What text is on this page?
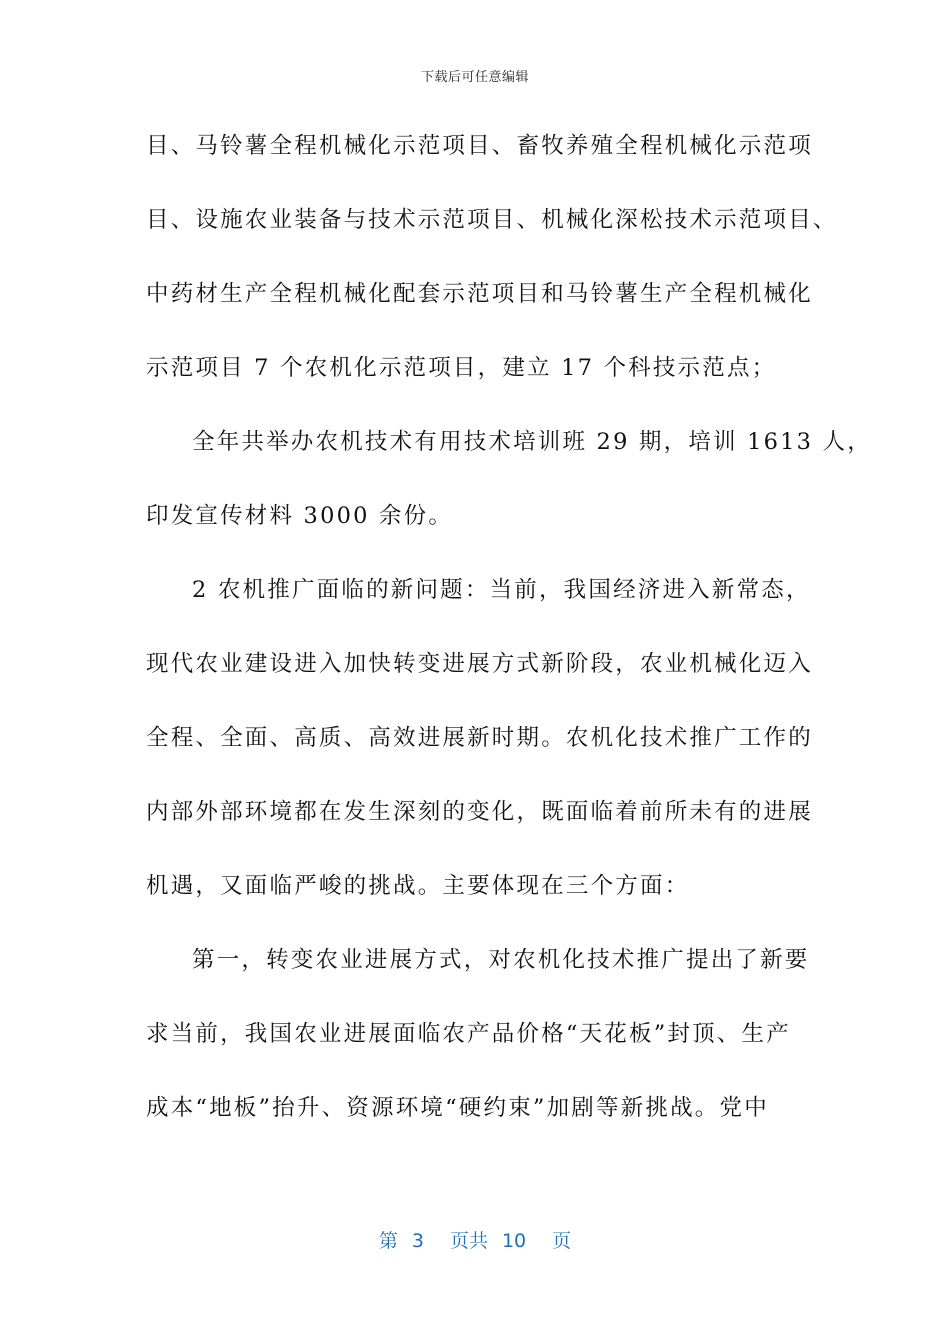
下载后可任意编辑
目、马铃薯全程机械化示范项目、畜牧养殖全程机械化示范项
目、设施农业装备与技术示范项目、机械化深松技术示范项目、
中药材生产全程机械化配套示范项目和马铃薯生产全程机械化
示范项目 7 个农机化示范项目，建立 17 个科技示范点；
全年共举办农机技术有用技术培训班 29 期，培训 1613 人，
印发宣传材料 3000 余份。
2 农机推广面临的新问题：当前，我国经济进入新常态，
现代农业建设进入加快转变进展方式新阶段，农业机械化迈入
全程、全面、高质、高效进展新时期。农机化技术推广工作的
内部外部环境都在发生深刻的变化，既面临着前所未有的进展
机遇，又面临严峻的挑战。主要体现在三个方面：
第一，转变农业进展方式，对农机化技术推广提出了新要
求当前，我国农业进展面临农产品价格“天花板”封顶、生产
成本“地板”抬升、资源环境“硬约束”加剧等新挑战。党中
第 3 页共 10 页
